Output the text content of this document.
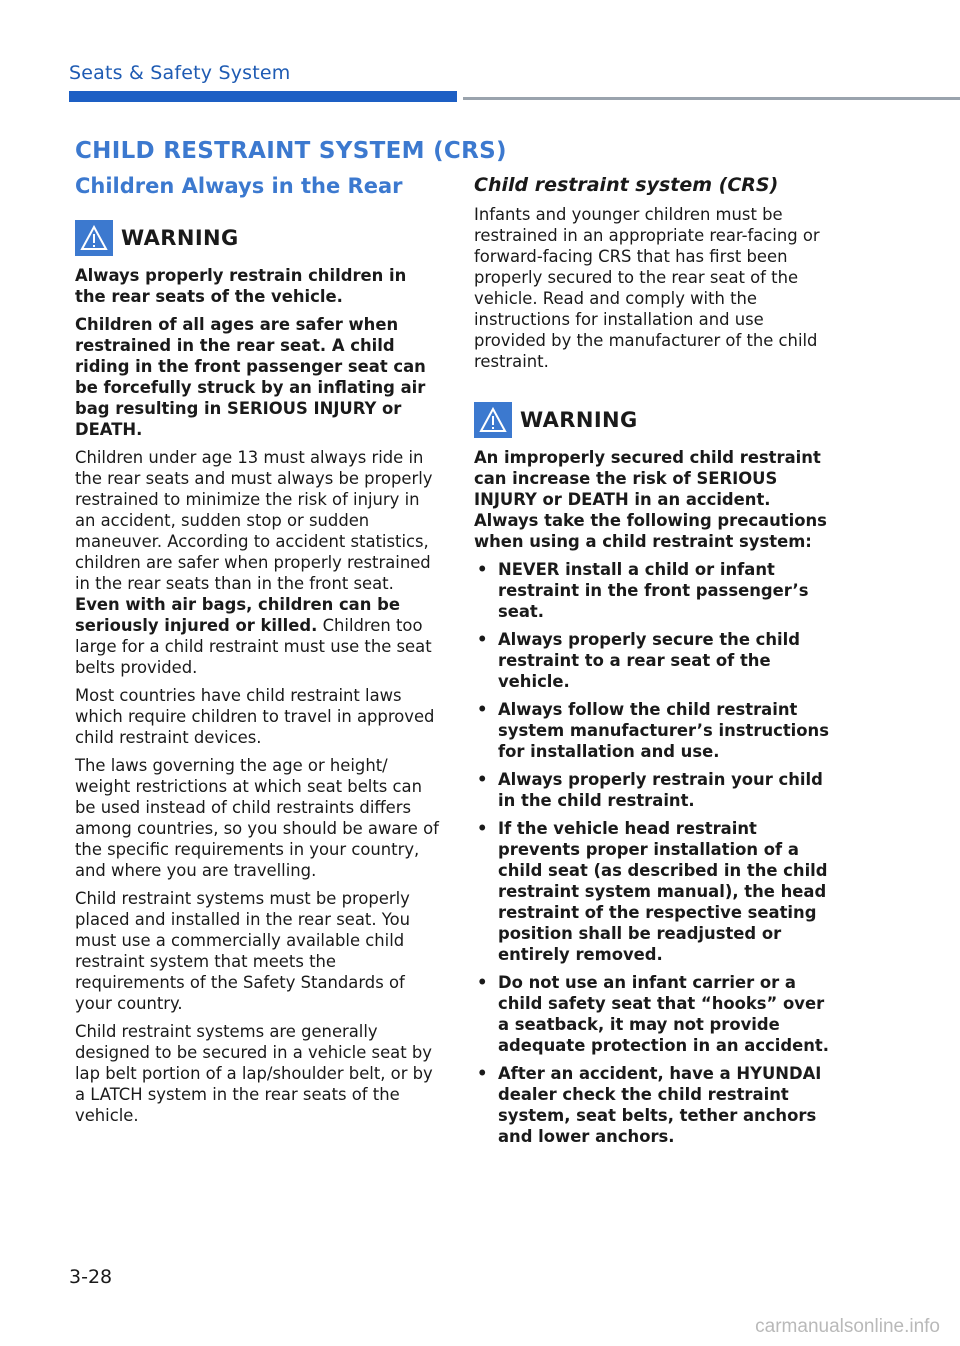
Seats & Safety System
CHILD RESTRAINT SYSTEM (CRS)
Children Always in the Rear
WARNING

Always properly restrain children in the rear seats of the vehicle.

Children of all ages are safer when restrained in the rear seat. A child riding in the front passenger seat can be forcefully struck by an inflating air bag resulting in SERIOUS INJURY or DEATH.

Children under age 13 must always ride in the rear seats and must always be properly restrained to minimize the risk of injury in an accident, sudden stop or sudden maneuver. According to accident statistics, children are safer when properly restrained in the rear seats than in the front seat. Even with air bags, children can be seriously injured or killed. Children too large for a child restraint must use the seat belts provided.

Most countries have child restraint laws which require children to travel in approved child restraint devices.

The laws governing the age or height/ weight restrictions at which seat belts can be used instead of child restraints differs among countries, so you should be aware of the specific requirements in your country, and where you are travelling.

Child restraint systems must be properly placed and installed in the rear seat. You must use a commercially available child restraint system that meets the requirements of the Safety Standards of your country.

Child restraint systems are generally designed to be secured in a vehicle seat by lap belt portion of a lap/shoulder belt, or by a LATCH system in the rear seats of the vehicle.

Child restraint system (CRS)

Infants and younger children must be restrained in an appropriate rear-facing or forward-facing CRS that has first been properly secured to the rear seat of the vehicle. Read and comply with the instructions for installation and use provided by the manufacturer of the child restraint.

WARNING

An improperly secured child restraint can increase the risk of SERIOUS INJURY or DEATH in an accident. Always take the following precautions when using a child restraint system:

• NEVER install a child or infant restraint in the front passenger’s seat.
• Always properly secure the child restraint to a rear seat of the vehicle.
• Always follow the child restraint system manufacturer’s instructions for installation and use.
• Always properly restrain your child in the child restraint.
• If the vehicle head restraint prevents proper installation of a child seat (as described in the child restraint system manual), the head restraint of the respective seating position shall be readjusted or entirely removed.
• Do not use an infant carrier or a child safety seat that “hooks” over a seatback, it may not provide adequate protection in an accident.
• After an accident, have a HYUNDAI dealer check the child restraint system, seat belts, tether anchors and lower anchors.
3-28
carmanualsonline.info
